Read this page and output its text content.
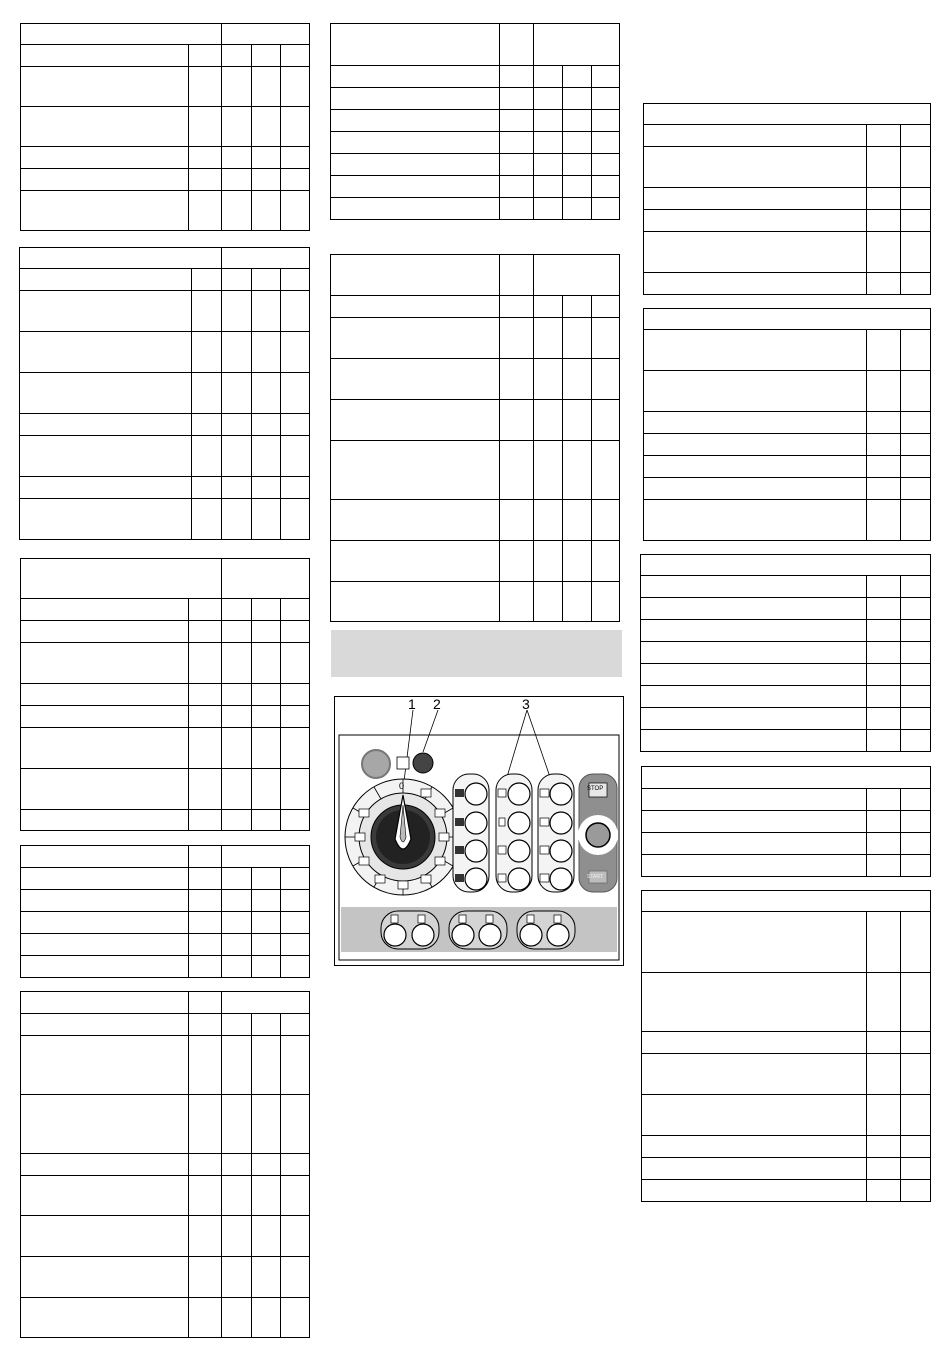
1 2	3
0	STOP
START
